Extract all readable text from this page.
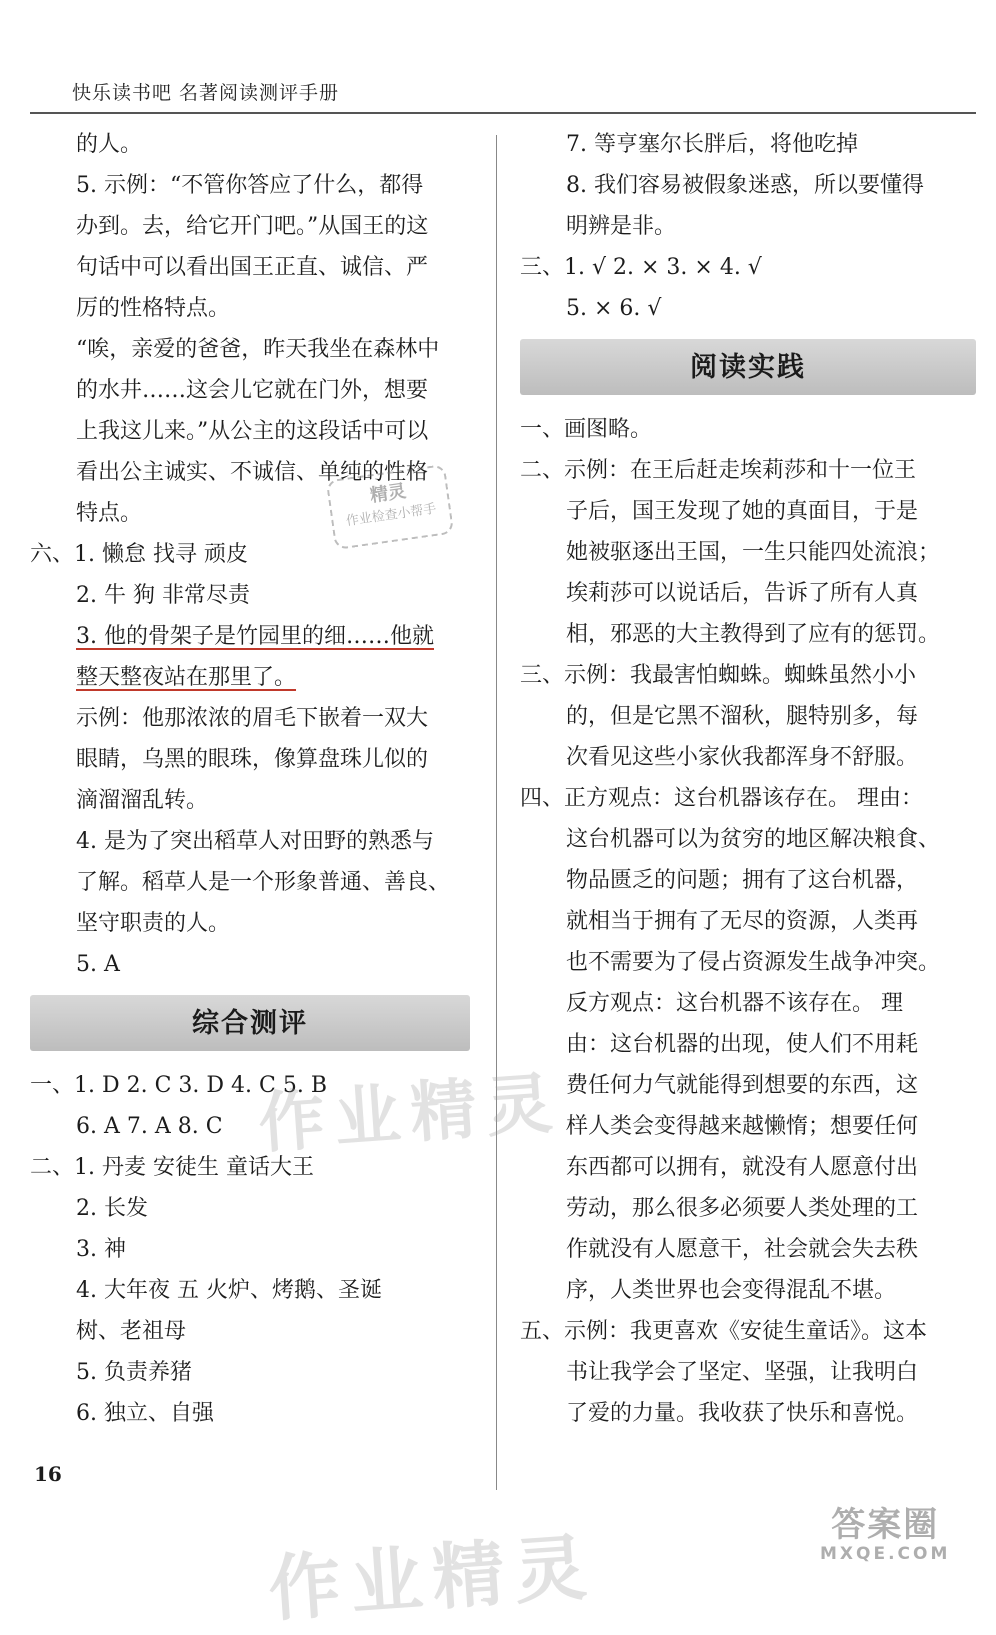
快乐读书吧 名著阅读测评手册
的人。
5. 示例：“不管你答应了什么，都得
办到。去，给它开门吧。”从国王的这
句话中可以看出国王正直、诚信、严
厉的性格特点。
“唉，亲爱的爸爸，昨天我坐在森林中
的水井……这会儿它就在门外，想要
上我这儿来。”从公主的这段话中可以
看出公主诚实、不诚信、单纯的性格
特点。
六、1. 懒怠 找寻 顽皮
2. 牛 狗 非常尽责
3. 他的骨架子是竹园里的细……他就
整天整夜站在那里了。
示例：他那浓浓的眉毛下嵌着一双大
眼睛，乌黑的眼珠，像算盘珠儿似的
滴溜溜乱转。
4. 是为了突出稻草人对田野的熟悉与
了解。稻草人是一个形象普通、善良、
坚守职责的人。
5. A
综合测评
一、1. D 2. C 3. D 4. C 5. B
6. A 7. A 8. C
二、1. 丹麦 安徒生 童话大王
2. 长发
3. 神
4. 大年夜 五 火炉、烤鹅、圣诞
树、老祖母
5. 负责养猪
6. 独立、自强
7. 等亨塞尔长胖后，将他吃掉
8. 我们容易被假象迷惑，所以要懂得
明辨是非。
三、1. √ 2. × 3. × 4. √
5. × 6. √
阅读实践
一、画图略。
二、示例：在王后赶走埃莉莎和十一位王
子后，国王发现了她的真面目，于是
她被驱逐出王国，一生只能四处流浪；
埃莉莎可以说话后，告诉了所有人真
相，邪恶的大主教得到了应有的惩罚。
三、示例：我最害怕蜘蛛。蜘蛛虽然小小
的，但是它黑不溜秋，腿特别多，每
次看见这些小家伙我都浑身不舒服。
四、正方观点：这台机器该存在。 理由：
这台机器可以为贫穷的地区解决粮食、
物品匮乏的问题；拥有了这台机器，
就相当于拥有了无尽的资源，人类再
也不需要为了侵占资源发生战争冲突。
反方观点：这台机器不该存在。 理
由：这台机器的出现，使人们不用耗
费任何力气就能得到想要的东西，这
样人类会变得越来越懒惰；想要任何
东西都可以拥有，就没有人愿意付出
劳动，那么很多必须要人类处理的工
作就没有人愿意干，社会就会失去秩
序，人类世界也会变得混乱不堪。
五、示例：我更喜欢《安徒生童话》。这本
书让我学会了坚定、坚强，让我明白
了爱的力量。我收获了快乐和喜悦。
16
作业精灵
作业精灵
精灵
作业检查小帮手
答案圈
MXQE.COM
